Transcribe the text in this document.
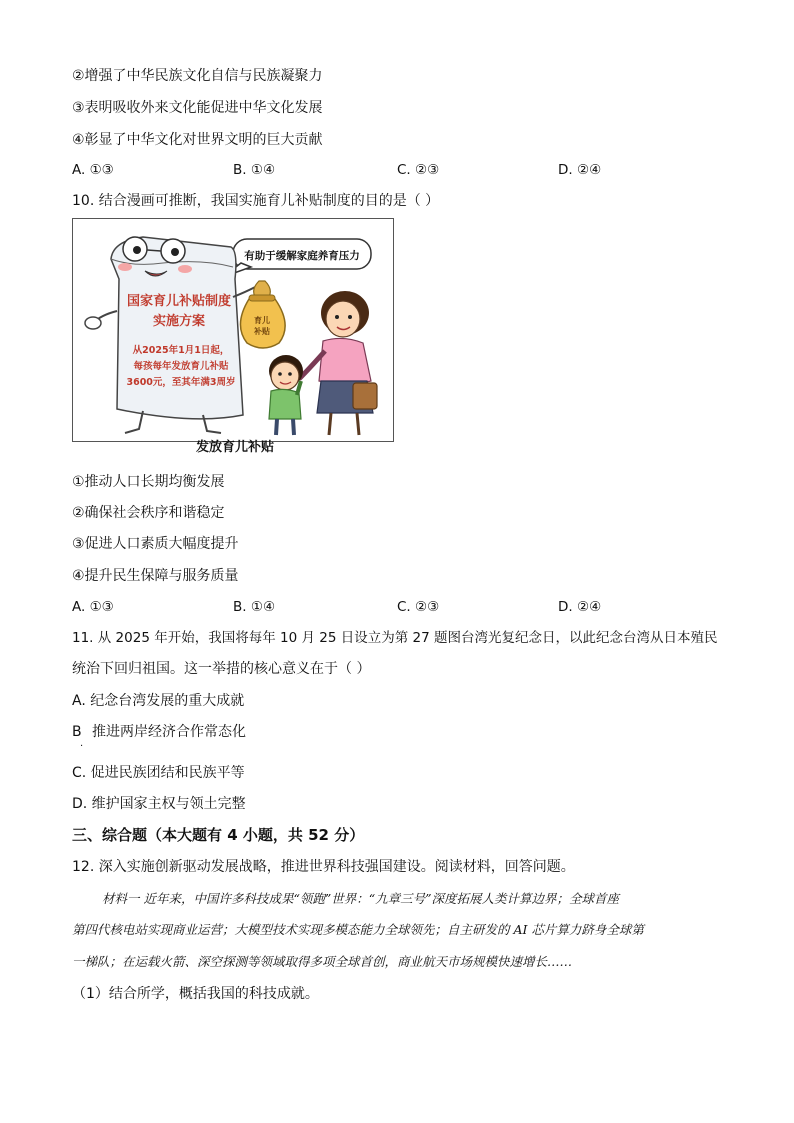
②增强了中华民族文化自信与民族凝聚力
③表明吸收外来文化能促进中华文化发展
④彰显了中华文化对世界文明的巨大贡献
A. ①③	B. ①④	C. ②③	D. ②④
10. 结合漫画可推断，我国实施育儿补贴制度的目的是（ ）
有助于缓解家庭养育压力
国家育儿补贴制度
实施方案
从2025年1月1日起，
每孩每年发放育儿补贴
3600元，至其年满3周岁
育儿
补贴
发放育儿补贴
①推动人口长期均衡发展
②确保社会秩序和谐稳定
③促进人口素质大幅度提升
④提升民生保障与服务质量
A. ①③	B. ①④	C. ②③	D. ②④
11. 从 2025 年开始，我国将每年 10 月 25 日设立为第 27 题图台湾光复纪念日，以此纪念台湾从日本殖民
统治下回归祖国。这一举措的核心意义在于（ ）
A. 纪念台湾发展的重大成就
B
.
推进两岸经济合作常态化
C. 促进民族团结和民族平等
D. 维护国家主权与领土完整
三、综合题（本大题有 4 小题，共 52 分）
12. 深入实施创新驱动发展战略，推进世界科技强国建设。阅读材料，回答问题。
材料一 近年来，中国许多科技成果“领跑”世界：“九章三号”深度拓展人类计算边界；全球首座
第四代核电站实现商业运营；大模型技术实现多模态能力全球领先；自主研发的 AI 芯片算力跻身全球第
一梯队；在运载火箭、深空探测等领域取得多项全球首创，商业航天市场规模快速增长……
（1）结合所学，概括我国的科技成就。
